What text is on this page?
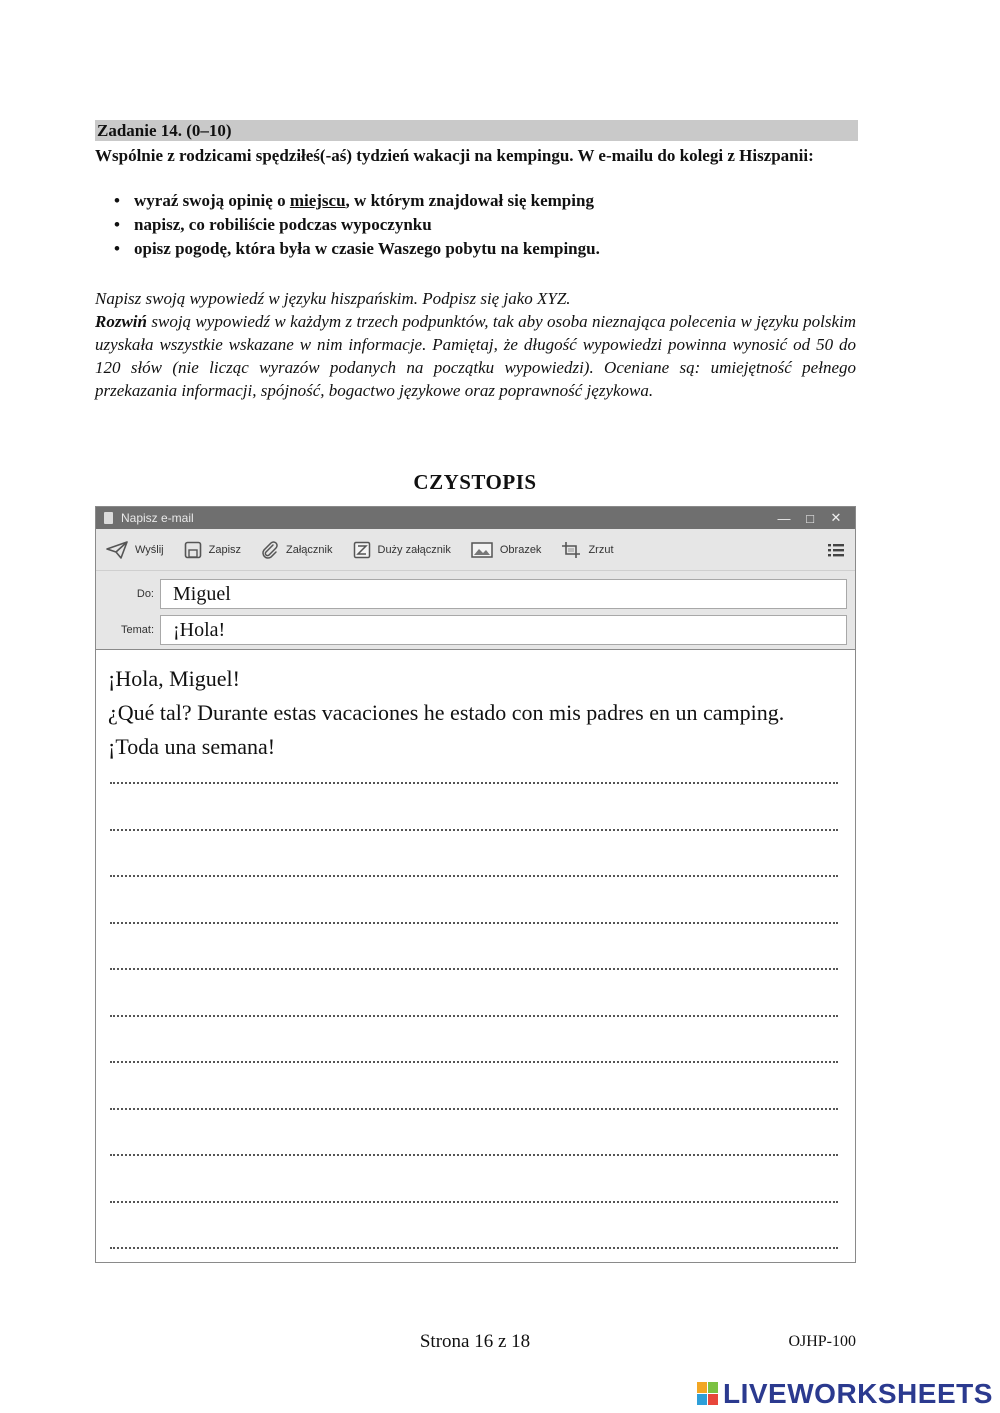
Zadanie 14. (0–10)
Wspólnie z rodzicami spędziłeś(-aś) tydzień wakacji na kempingu. W e-mailu do kolegi z Hiszpanii:
• wyraź swoją opinię o miejscu, w którym znajdował się kemping
• napisz, co robiliście podczas wypoczynku
• opisz pogodę, która była w czasie Waszego pobytu na kempingu.

Napisz swoją wypowiedź w języku hiszpańskim. Podpisz się jako XYZ.

Rozwiń swoją wypowiedź w każdym z trzech podpunktów, tak aby osoba nieznająca polecenia w języku polskim uzyskała wszystkie wskazane w nim informacje. Pamiętaj, że długość wypowiedzi powinna wynosić od 50 do 120 słów (nie licząc wyrazów podanych na początku wypowiedzi). Oceniane są: umiejętność pełnego przekazania informacji, spójność, bogactwo językowe oraz poprawność językowa.

CZYSTOPIS
Napisz e-mail	—	□	✕
Wyślij	Zapisz	Załącznik	Duży załącznik	Obrazek	Zrzut
Do: Miguel
Temat: ¡Hola!
¡Hola, Miguel!
¿Qué tal? Durante estas vacaciones he estado con mis padres en un camping.
¡Toda una semana!
Strona 16 z 18	OJHP-100
LIVEWORKSHEETS
